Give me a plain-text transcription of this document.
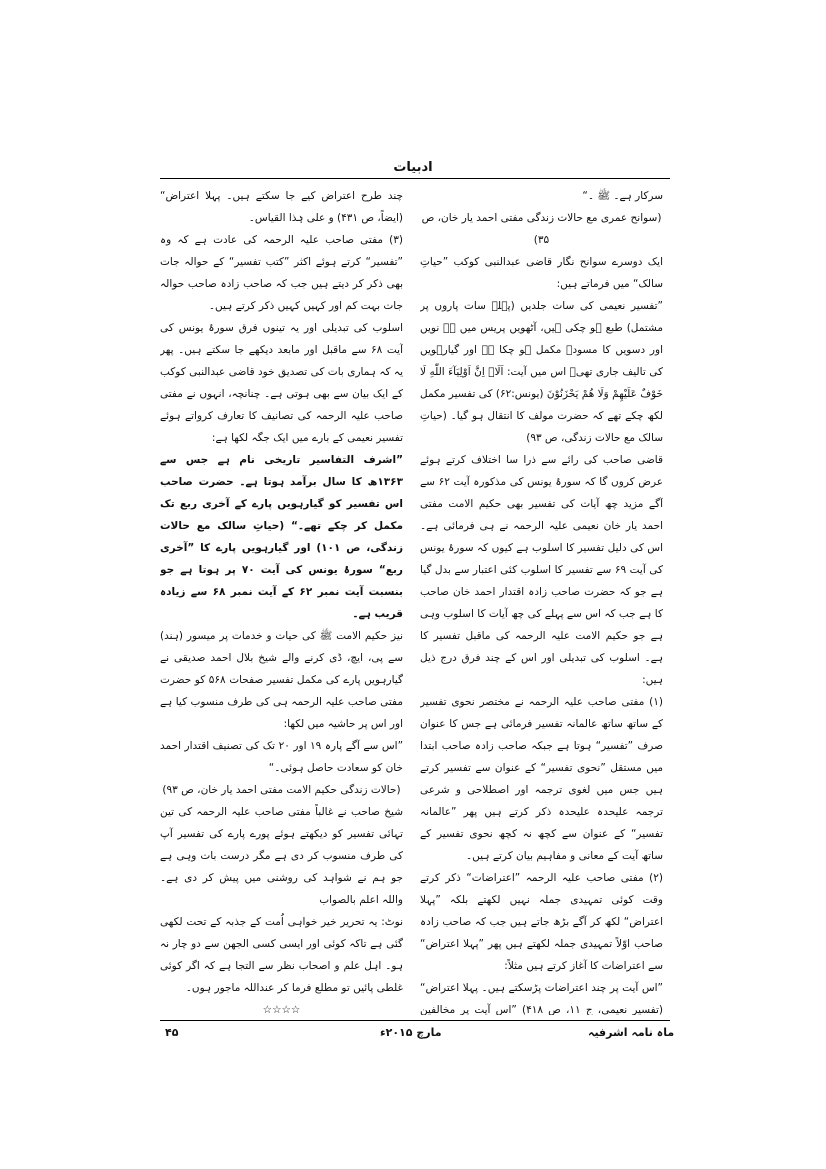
ادبیات

سرکار ہے۔ ﷺ ۔“

(سوانح عمری مع حالات زندگی مفتی احمد یار خان، ص ۳۵)

ایک دوسرے سوانح نگار قاضی عبدالنبی کوکب ”حیاتِ سالک“ میں فرماتے ہیں:

”تفسیر نعیمی کی سات جلدیں (پہلے سات پاروں پر مشتمل) طبع ہو چکی ہیں، آٹھویں پریس میں ہے نویں اور دسویں کا مسودہ مکمل ہو چکا ہے اور گیارہویں کی تالیف جاری تھی۔ اس میں آیت: اَلَاۤ اِنَّ اَوْلِیَآءَ اللّٰهِ لَا خَوْفٌ عَلَیْهِمْ وَلَا هُمْ یَحْزَنُوْنَ (یونس:۶۲) کی تفسیر مکمل لکھ چکے تھے کہ حضرت مولف کا انتقال ہو گیا۔ (حیاتِ سالک مع حالات زندگی، ص ۹۳)

قاضی صاحب کی رائے سے ذرا سا اختلاف کرتے ہوئے عرض کروں گا کہ سورۂ یونس کی مذکورہ آیت ۶۲ سے آگے مزید چھ آیات کی تفسیر بھی حکیم الامت مفتی احمد یار خان نعیمی علیہ الرحمہ نے ہی فرمائی ہے۔ اس کی دلیل تفسیر کا اسلوب ہے کیوں کہ سورۂ یونس کی آیت ۶۹ سے تفسیر کا اسلوب کئی اعتبار سے بدل گیا ہے جو کہ حضرت صاحب زادہ اقتدار احمد خان صاحب کا ہے جب کہ اس سے پہلے کی چھ آیات کا اسلوب وہی ہے جو حکیم الامت علیہ الرحمہ کی ماقبل تفسیر کا ہے۔ اسلوب کی تبدیلی اور اس کے چند فرق درج ذیل ہیں:

(۱) مفتی صاحب علیہ الرحمہ نے مختصر نحوی تفسیر کے ساتھ ساتھ عالمانہ تفسیر فرمائی ہے جس کا عنوان صرف ”تفسیر“ ہوتا ہے جبکہ صاحب زادہ صاحب ابتدا میں مستقل ”نحوی تفسیر“ کے عنوان سے تفسیر کرتے ہیں جس میں لغوی ترجمہ اور اصطلاحی و شرعی ترجمہ علیحدہ علیحدہ ذکر کرتے ہیں پھر ”عالمانہ تفسیر“ کے عنوان سے کچھ نہ کچھ نحوی تفسیر کے ساتھ آیت کے معانی و مفاہیم بیان کرتے ہیں۔

(۲) مفتی صاحب علیہ الرحمہ ”اعتراضات“ ذکر کرتے وقت کوئی تمہیدی جملہ نہیں لکھتے بلکہ ”پہلا اعتراض“ لکھ کر آگے بڑھ جاتے ہیں جب کہ صاحب زادہ صاحب اوّلاً تمہیدی جملہ لکھتے ہیں پھر ”پہلا اعتراض“ سے اعتراضات کا آغاز کرتے ہیں مثلاً:

”اس آیت پر چند اعتراضات پڑسکتے ہیں۔ پہلا اعتراض“ (تفسیر نعیمی، ج ۱۱، ص ۴۱۸) ”اس آیت پر مخالفین

چند طرح اعتراض کیے جا سکتے ہیں۔ پہلا اعتراض“ (ایضاً، ص ۴۳۱) و علی ہٰذا القیاس۔

(۳) مفتی صاحب علیہ الرحمہ کی عادت ہے کہ وہ ”تفسیر“ کرتے ہوئے اکثر ”کتب تفسیر“ کے حوالہ جات بھی ذکر کر دیتے ہیں جب کہ صاحب زادہ صاحب حوالہ جات بہت کم اور کہیں کہیں ذکر کرتے ہیں۔

اسلوب کی تبدیلی اور یہ تینوں فرق سورۂ یونس کی آیت ۶۸ سے ماقبل اور مابعد دیکھے جا سکتے ہیں۔ پھر یہ کہ ہماری بات کی تصدیق خود قاضی عبدالنبی کوکب کے ایک بیان سے بھی ہوتی ہے۔ چنانچہ، انہوں نے مفتی صاحب علیہ الرحمہ کی تصانیف کا تعارف کرواتے ہوئے تفسیر نعیمی کے بارے میں ایک جگہ لکھا ہے:

”اشرف التفاسیر تاریخی نام ہے جس سے ۱۳۶۳ھ کا سال برآمد ہوتا ہے۔ حضرت صاحب اس تفسیر کو گیارہویں پارے کے آخری ربع تک مکمل کر چکے تھے۔“ (حیاتِ سالک مع حالات زندگی، ص ۱۰۱) اور گیارہویں پارے کا ”آخری ربع“ سورۂ یونس کی آیت ۷۰ پر ہوتا ہے جو بنسبت آیت نمبر ۶۲ کے آیت نمبر ۶۸ سے زیادہ قریب ہے۔

نیز حکیم الامت ﷺ کی حیات و خدمات پر میسور (ہند) سے پی، ایچ، ڈی کرنے والے شیخ بلال احمد صدیقی نے گیارہویں پارے کی مکمل تفسیر صفحات ۵۶۸ کو حضرت مفتی صاحب علیہ الرحمہ ہی کی طرف منسوب کیا ہے اور اس پر حاشیہ میں لکھا:

”اس سے آگے پارہ ۱۹ اور ۲۰ تک کی تصنیف اقتدار احمد خان کو سعادت حاصل ہوئی۔“

(حالات زندگی حکیم الامت مفتی احمد یار خان، ص ۹۳)

شیخ صاحب نے غالباً مفتی صاحب علیہ الرحمہ کی تین تہائی تفسیر کو دیکھتے ہوئے پورے پارے کی تفسیر آپ کی طرف منسوب کر دی ہے مگر درست بات وہی ہے جو ہم نے شواہد کی روشنی میں پیش کر دی ہے۔ واللہ اعلم بالصواب

نوٹ: یہ تحریر خیر خواہی اُمت کے جذبہ کے تحت لکھی گئی ہے تاکہ کوئی اور ایسی کسی الجھن سے دو چار نہ ہو۔ اہل علم و اصحاب نظر سے التجا ہے کہ اگر کوئی غلطی پائیں تو مطلع فرما کر عنداللہ ماجور ہوں۔

☆☆☆☆

ماہ نامہ اشرفیہ
مارچ ۲۰۱۵ء
۴۵
